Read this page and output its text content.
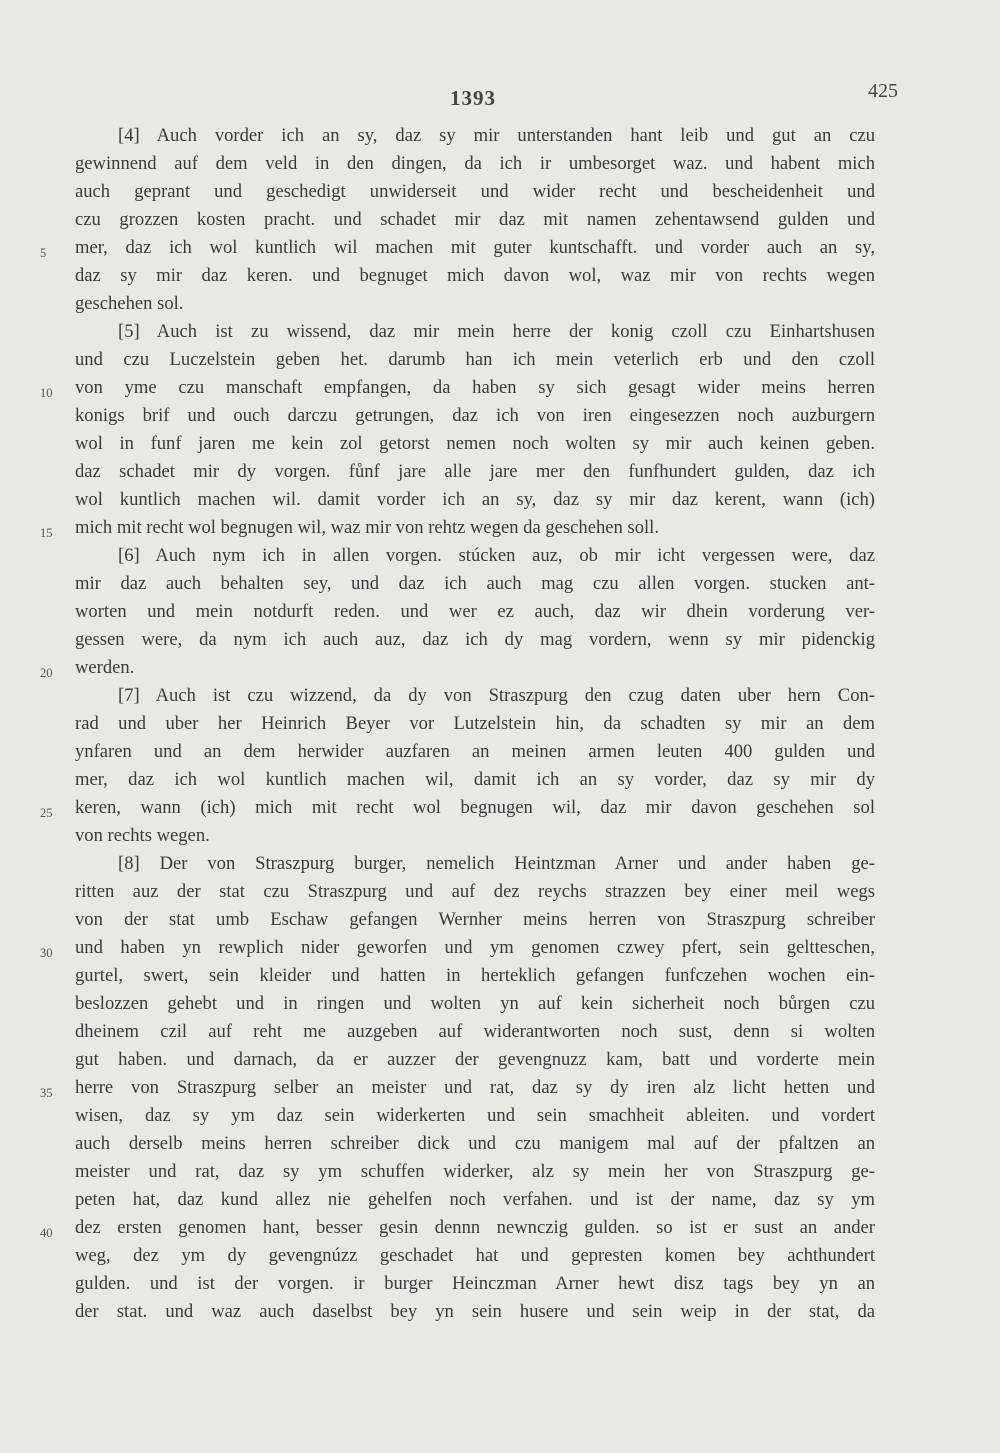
1393	425
[4] Auch vorder ich an sy, daz sy mir unterstanden hant leib und gut an czu
gewinnend auf dem veld in den dingen, da ich ir umbesorget waz. und habent mich
auch geprant und geschedigt unwiderseit und wider recht und bescheidenheit und
czu grozzen kosten pracht. und schadet mir daz mit namen zehentawsend gulden und
mer, daz ich wol kuntlich wil machen mit guter kuntschafft. und vorder auch an sy,
daz sy mir daz keren. und begnuget mich davon wol, waz mir von rechts wegen
geschehen sol.
[5] Auch ist zu wissend, daz mir mein herre der konig czoll czu Einhartshusen
und czu Luczelstein geben het. darumb han ich mein veterlich erb und den czoll
von yme czu manschaft empfangen, da haben sy sich gesagt wider meins herren
konigs brif und ouch darczu getrungen, daz ich von iren eingesezzen noch auzburgern
wol in funf jaren me kein zol getorst nemen noch wolten sy mir auch keinen geben.
daz schadet mir dy vorgen. fůnf jare alle jare mer den funfhundert gulden, daz ich
wol kuntlich machen wil. damit vorder ich an sy, daz sy mir daz kerent, wann (ich)
mich mit recht wol begnugen wil, waz mir von rehtz wegen da geschehen soll.
[6] Auch nym ich in allen vorgen. stúcken auz, ob mir icht vergessen were, daz
mir daz auch behalten sey, und daz ich auch mag czu allen vorgen. stucken ant-
worten und mein notdurft reden. und wer ez auch, daz wir dhein vorderung ver-
gessen were, da nym ich auch auz, daz ich dy mag vordern, wenn sy mir pidenckig
werden.
[7] Auch ist czu wizzend, da dy von Straszpurg den czug daten uber hern Con-
rad und uber her Heinrich Beyer vor Lutzelstein hin, da schadten sy mir an dem
ynfaren und an dem herwider auzfaren an meinen armen leuten 400 gulden und
mer, daz ich wol kuntlich machen wil, damit ich an sy vorder, daz sy mir dy
keren, wann (ich) mich mit recht wol begnugen wil, daz mir davon geschehen sol
von rechts wegen.
[8] Der von Straszpurg burger, nemelich Heintzman Arner und ander haben ge-
ritten auz der stat czu Straszpurg und auf dez reychs strazzen bey einer meil wegs
von der stat umb Eschaw gefangen Wernher meins herren von Straszpurg schreiber
und haben yn rewplich nider geworfen und ym genomen czwey pfert, sein geltteschen,
gurtel, swert, sein kleider und hatten in herteklich gefangen funfczehen wochen ein-
beslozzen gehebt und in ringen und wolten yn auf kein sicherheit noch bůrgen czu
dheinem czil auf reht me auzgeben auf widerantworten noch sust, denn si wolten
gut haben. und darnach, da er auzzer der gevengnuzz kam, batt und vorderte mein
herre von Straszpurg selber an meister und rat, daz sy dy iren alz licht hetten und
wisen, daz sy ym daz sein widerkerten und sein smachheit ableiten. und vordert
auch derselb meins herren schreiber dick und czu manigem mal auf der pfaltzen an
meister und rat, daz sy ym schuffen widerker, alz sy mein her von Straszpurg ge-
peten hat, daz kund allez nie gehelfen noch verfahen. und ist der name, daz sy ym
dez ersten genomen hant, besser gesin dennn newnczig gulden. so ist er sust an ander
weg, dez ym dy gevengnúzz geschadet hat und gepresten komen bey achthundert
gulden. und ist der vorgen. ir burger Heinczman Arner hewt disz tags bey yn an
der stat. und waz auch daselbst bey yn sein husere und sein weip in der stat, da
5
10
15
20
25
30
35
40
